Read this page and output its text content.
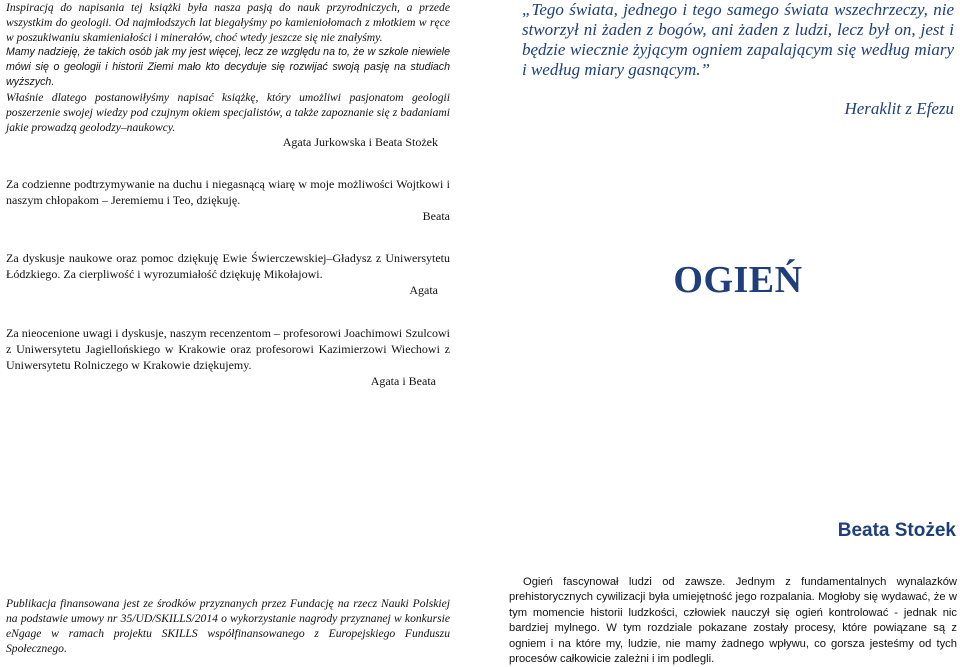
Inspiracją do napisania tej książki była nasza pasją do nauk przyrodniczych, a przede wszystkim do geologii. Od najmłodszych lat biegałyśmy po kamieniołomach z młotkiem w ręce w poszukiwaniu skamieniałości i minerałów, choć wtedy jeszcze się nie znałyśmy.

Mamy nadzieję, że takich osób jak my jest więcej, lecz ze względu na to, że w szkole niewiele mówi się o geologii i historii Ziemi mało kto decyduje się rozwijać swoją pasję na studiach wyższych.

Właśnie dlatego postanowiłyśmy napisać książkę, który umożliwi pasjonatom geologii poszerzenie swojej wiedzy pod czujnym okiem specjalistów, a także zapoznanie się z badaniami jakie prowadzą geolodzy–naukowcy.

Agata Jurkowska i Beata Stożek

„Tego świata, jednego i tego samego świata wszechrzeczy, nie stworzył ni żaden z bogów, ani żaden z ludzi, lecz był on, jest i będzie wiecznie żyjącym ogniem zapalającym się według miary i według miary gasnącym.”

Heraklit z Efezu

Za codzienne podtrzymywanie na duchu i niegasnącą wiarę w moje możliwości Wojtkowi i naszym chłopakom – Jeremiemu i Teo, dziękuję.

Beata

Za dyskusje naukowe oraz pomoc dziękuję Ewie Świerczewskiej–Gładysz z Uniwersytetu Łódzkiego. Za cierpliwość i wyrozumiałość dziękuję Mikołajowi.

Agata

Za nieocenione uwagi i dyskusje, naszym recenzentom – profesorowi Joachimowi Szulcowi z Uniwersytetu Jagiellońskiego w Krakowie oraz profesorowi Kazimierzowi Wiechowi z Uniwersytetu Rolniczego w Krakowie dziękujemy.

Agata i Beata

OGIEŃ
Beata Stożek

Publikacja finansowana jest ze środków przyznanych przez Fundację na rzecz Nauki Polskiej na podstawie umowy nr 35/UD/SKILLS/2014 o wykorzystanie nagrody przyznanej w konkursie eNgage w ramach projektu SKILLS współfinansowanego z Europejskiego Funduszu Społecznego.

Ogień fascynował ludzi od zawsze. Jednym z fundamentalnych wynalazków prehistorycznych cywilizacji była umiejętność jego rozpalania. Mogłoby się wydawać, że w tym momencie historii ludzkości, człowiek nauczył się ogień kontrolować - jednak nic bardziej mylnego. W tym rozdziale pokazane zostały procesy, które powiązane są z ogniem i na które my, ludzie, nie mamy żadnego wpływu, co gorsza jesteśmy od tych procesów całkowicie zależni i im podlegli.
